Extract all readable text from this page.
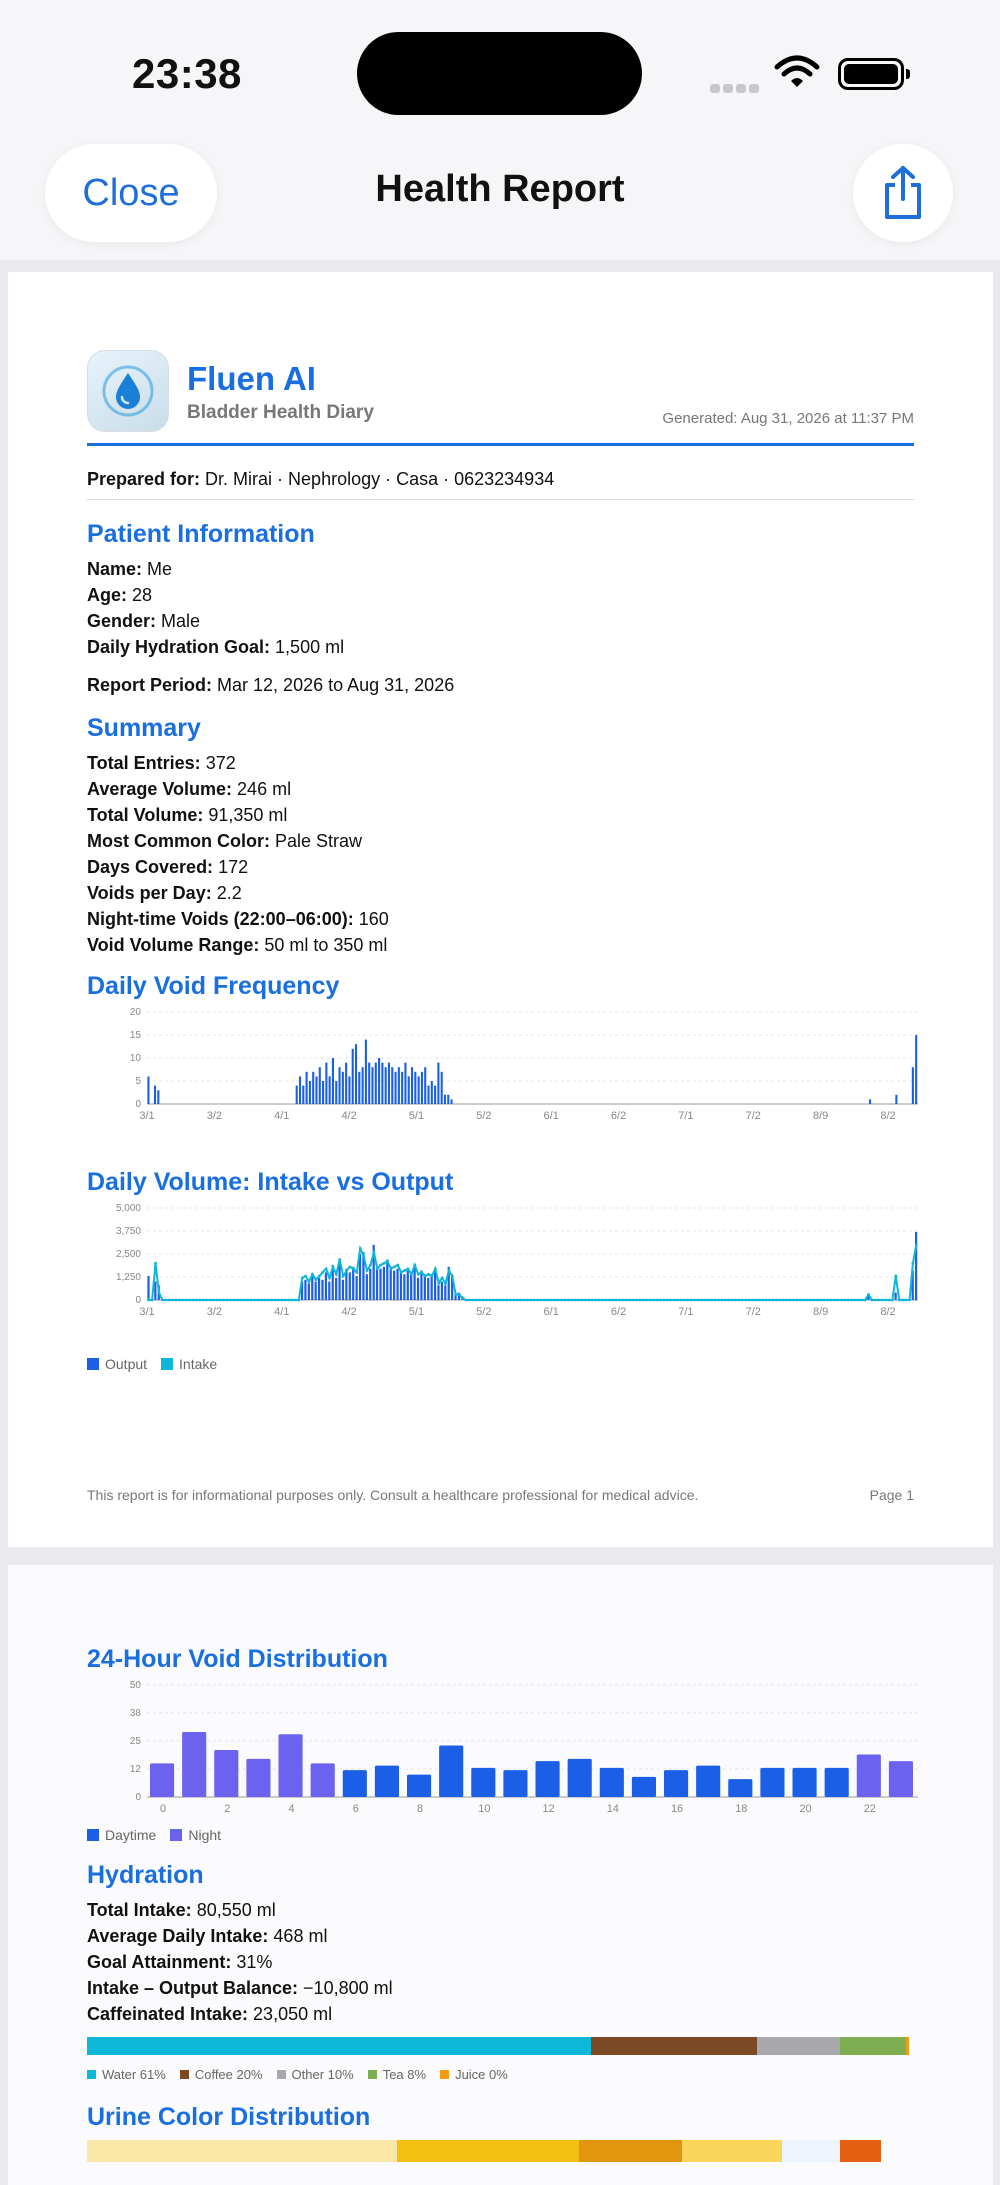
23:38
Close	Health Report
Fluen AI
Bladder Health Diary	Generated: Aug 31, 2026 at 11:37 PM
Prepared for: Dr. Mirai · Nephrology · Casa · 0623234934
Patient Information
Name: Me
Age: 28
Gender: Male
Daily Hydration Goal: 1,500 ml
Report Period: Mar 12, 2026 to Aug 31, 2026
Summary
Total Entries: 372
Average Volume: 246 ml
Total Volume: 91,350 ml
Most Common Color: Pale Straw
Days Covered: 172
Voids per Day: 2.2
Night-time Voids (22:00–06:00): 160
Void Volume Range: 50 ml to 350 ml
Daily Void Frequency
20
15
10
5
0
3/1	3/2	4/1	4/2	5/1	5/2	6/1	6/2	7/1	7/2	8/9	8/2
Daily Volume: Intake vs Output
5,000
3,750
2,500
1,250
0
3/1	3/2	4/1	4/2	5/1	5/2	6/1	6/2	7/1	7/2	8/9	8/2
Output Intake
This report is for informational purposes only. Consult a healthcare professional for medical advice.	Page 1
24-Hour Void Distribution
50
38
25
12
0
0	2	4	6	8	10	12	14	16	18	20	22
Daytime Night
Hydration
Total Intake: 80,550 ml
Average Daily Intake: 468 ml
Goal Attainment: 31%
Intake – Output Balance: −10,800 ml
Caffeinated Intake: 23,050 ml
Water 61% Coffee 20% Other 10% Tea 8% Juice 0%
Urine Color Distribution
